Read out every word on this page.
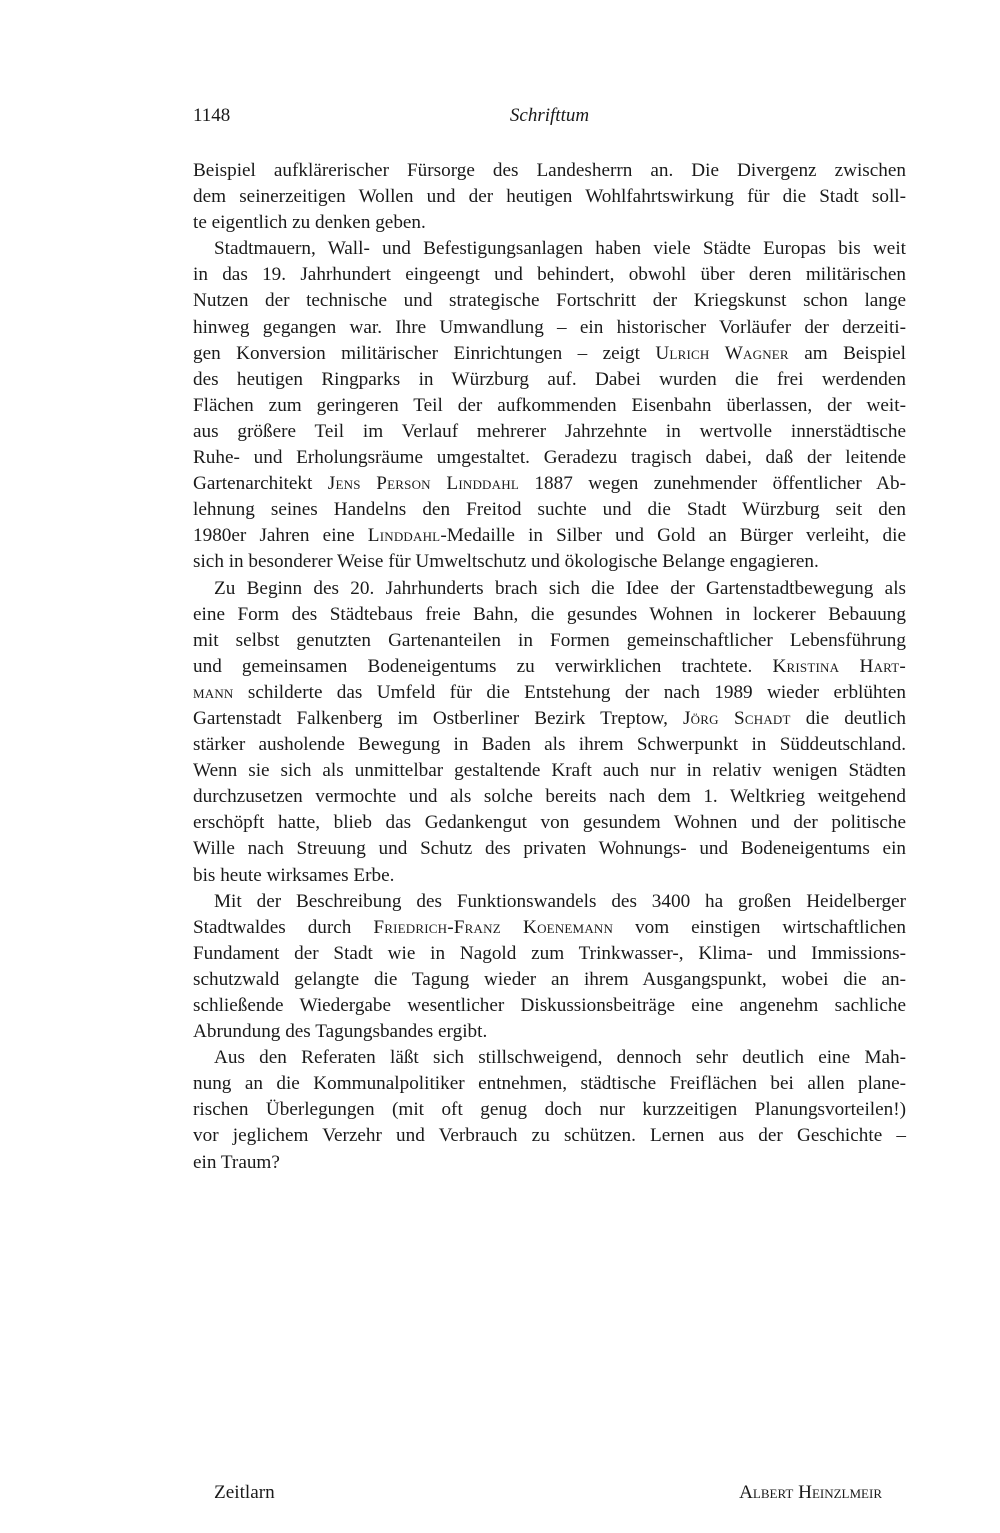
1148	Schrifttum
Beispiel aufklärerischer Fürsorge des Landesherrn an. Die Divergenz zwischen
dem seinerzeitigen Wollen und der heutigen Wohlfahrtswirkung für die Stadt soll-
te eigentlich zu denken geben.
Stadtmauern, Wall- und Befestigungsanlagen haben viele Städte Europas bis weit
in das 19. Jahrhundert eingeengt und behindert, obwohl über deren militärischen
Nutzen der technische und strategische Fortschritt der Kriegskunst schon lange
hinweg gegangen war. Ihre Umwandlung – ein historischer Vorläufer der derzeiti-
gen Konversion militärischer Einrichtungen – zeigt Ulrich Wagner am Beispiel
des heutigen Ringparks in Würzburg auf. Dabei wurden die frei werdenden
Flächen zum geringeren Teil der aufkommenden Eisenbahn überlassen, der weit-
aus größere Teil im Verlauf mehrerer Jahrzehnte in wertvolle innerstädtische
Ruhe- und Erholungsräume umgestaltet. Geradezu tragisch dabei, daß der leitende
Gartenarchitekt Jens Person Linddahl 1887 wegen zunehmender öffentlicher Ab-
lehnung seines Handelns den Freitod suchte und die Stadt Würzburg seit den
1980er Jahren eine Linddahl-Medaille in Silber und Gold an Bürger verleiht, die
sich in besonderer Weise für Umweltschutz und ökologische Belange engagieren.
Zu Beginn des 20. Jahrhunderts brach sich die Idee der Gartenstadtbewegung als
eine Form des Städtebaus freie Bahn, die gesundes Wohnen in lockerer Bebauung
mit selbst genutzten Gartenanteilen in Formen gemeinschaftlicher Lebensführung
und gemeinsamen Bodeneigentums zu verwirklichen trachtete. Kristina Hart-
mann schilderte das Umfeld für die Entstehung der nach 1989 wieder erblühten
Gartenstadt Falkenberg im Ostberliner Bezirk Treptow, Jörg Schadt die deutlich
stärker ausholende Bewegung in Baden als ihrem Schwerpunkt in Süddeutschland.
Wenn sie sich als unmittelbar gestaltende Kraft auch nur in relativ wenigen Städten
durchzusetzen vermochte und als solche bereits nach dem 1. Weltkrieg weitgehend
erschöpft hatte, blieb das Gedankengut von gesundem Wohnen und der politische
Wille nach Streuung und Schutz des privaten Wohnungs- und Bodeneigentums ein
bis heute wirksames Erbe.
Mit der Beschreibung des Funktionswandels des 3400 ha großen Heidelberger
Stadtwaldes durch Friedrich-Franz Koenemann vom einstigen wirtschaftlichen
Fundament der Stadt wie in Nagold zum Trinkwasser-, Klima- und Immissions-
schutzwald gelangte die Tagung wieder an ihrem Ausgangspunkt, wobei die an-
schließende Wiedergabe wesentlicher Diskussionsbeiträge eine angenehm sachliche
Abrundung des Tagungsbandes ergibt.
Aus den Referaten läßt sich stillschweigend, dennoch sehr deutlich eine Mah-
nung an die Kommunalpolitiker entnehmen, städtische Freiflächen bei allen plane-
rischen Überlegungen (mit oft genug doch nur kurzzeitigen Planungsvorteilen!)
vor jeglichem Verzehr und Verbrauch zu schützen. Lernen aus der Geschichte –
ein Traum?
Zeitlarn	Albert Heinzlmeir
